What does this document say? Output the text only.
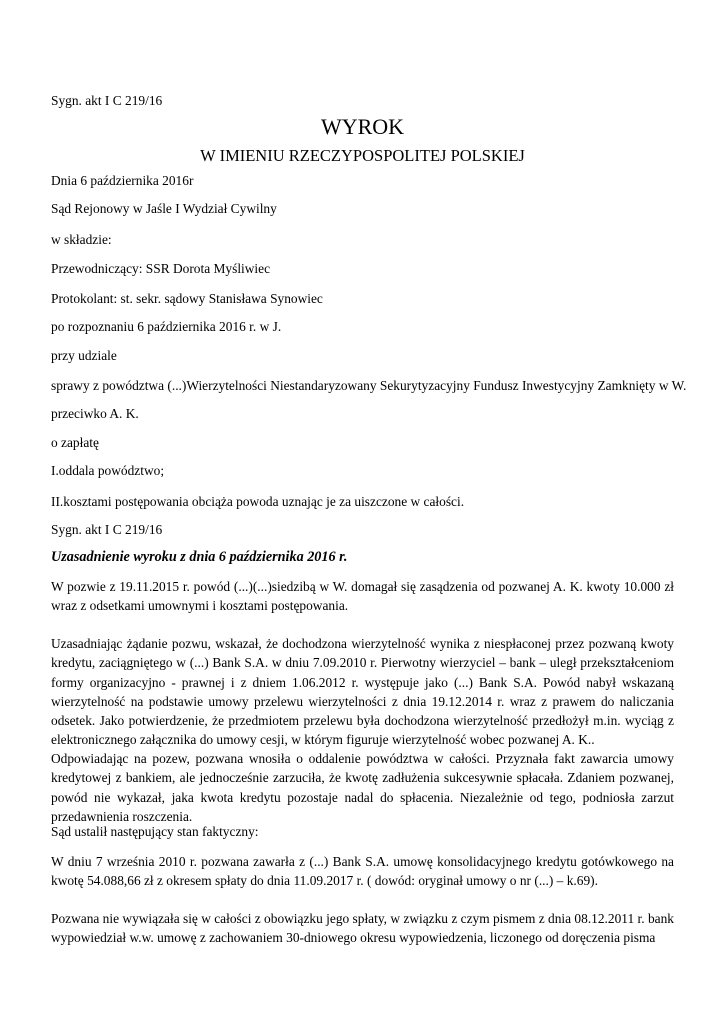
Sygn. akt I C 219/16
WYROK
W IMIENIU RZECZYPOSPOLITEJ POLSKIEJ
Dnia 6 października 2016r
Sąd Rejonowy w Jaśle I Wydział Cywilny
w składzie:
Przewodniczący: SSR Dorota Myśliwiec
Protokolant: st. sekr. sądowy Stanisława Synowiec
po rozpoznaniu 6 października 2016 r. w J.
przy udziale
sprawy z powództwa (...)Wierzytelności Niestandaryzowany Sekurytyzacyjny Fundusz Inwestycyjny Zamknięty w W.
przeciwko A. K.
o zapłatę
I.oddala powództwo;
II.kosztami postępowania obciąża powoda uznając je za uiszczone w całości.
Sygn. akt I C 219/16
Uzasadnienie wyroku z dnia 6 października 2016 r.
W pozwie z 19.11.2015 r. powód (...)(...)siedzibą w W. domagał się zasądzenia od pozwanej A. K. kwoty 10.000 zł wraz z odsetkami umownymi i kosztami postępowania.
Uzasadniając żądanie pozwu, wskazał, że dochodzona wierzytelność wynika z niespłaconej przez pozwaną kwoty kredytu, zaciągniętego w (...) Bank S.A. w dniu 7.09.2010 r. Pierwotny wierzyciel – bank – uległ przekształceniom formy organizacyjno - prawnej i z dniem 1.06.2012 r. występuje jako (...) Bank S.A. Powód nabył wskazaną wierzytelność na podstawie umowy przelewu wierzytelności z dnia 19.12.2014 r. wraz z prawem do naliczania odsetek. Jako potwierdzenie, że przedmiotem przelewu była dochodzona wierzytelność przedłożył m.in. wyciąg z elektronicznego załącznika do umowy cesji, w którym figuruje wierzytelność wobec pozwanej A. K..
Odpowiadając na pozew, pozwana wnosiła o oddalenie powództwa w całości. Przyznała fakt zawarcia umowy kredytowej z bankiem, ale jednocześnie zarzuciła, że kwotę zadłużenia sukcesywnie spłacała. Zdaniem pozwanej, powód nie wykazał, jaka kwota kredytu pozostaje nadal do spłacenia. Niezależnie od tego, podniosła zarzut przedawnienia roszczenia.
Sąd ustalił następujący stan faktyczny:
W dniu 7 września 2010 r. pozwana zawarła z (...) Bank S.A. umowę konsolidacyjnego kredytu gotówkowego na kwotę 54.088,66 zł z okresem spłaty do dnia 11.09.2017 r. ( dowód: oryginał umowy o nr (...) – k.69).
Pozwana nie wywiązała się w całości z obowiązku jego spłaty, w związku z czym pismem z dnia 08.12.2011 r. bank wypowiedział w.w. umowę z zachowaniem 30-dniowego okresu wypowiedzenia, liczonego od doręczenia pisma
